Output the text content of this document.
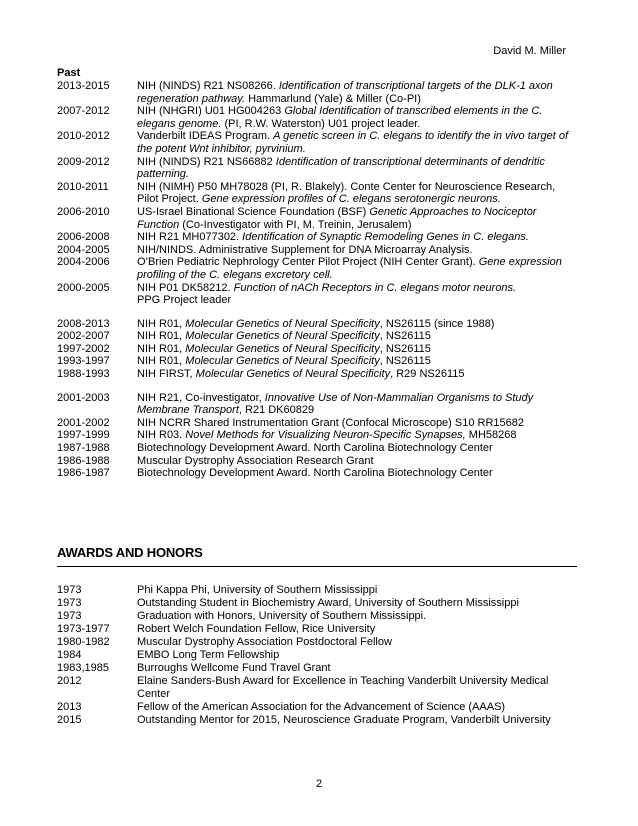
David M. Miller
Past
2013-2015	NIH (NINDS) R21 NS08266. Identification of transcriptional targets of the DLK-1 axon regeneration pathway. Hammarlund (Yale) & Miller (Co-PI)
2007-2012	NIH (NHGRI) U01 HG004263 Global Identification of transcribed elements in the C. elegans genome. (PI, R.W. Waterston) U01 project leader.
2010-2012	Vanderbilt IDEAS Program. A genetic screen in C. elegans to identify the in vivo target of the potent Wnt inhibitor, pyrvinium.
2009-2012	NIH (NINDS) R21 NS66882 Identification of transcriptional determinants of dendritic patterning.
2010-2011	NIH (NIMH) P50 MH78028 (PI, R. Blakely). Conte Center for Neuroscience Research, Pilot Project. Gene expression profiles of C. elegans serotonergic neurons.
2006-2010	US-Israel Binational Science Foundation (BSF) Genetic Approaches to Nociceptor Function (Co-Investigator with PI, M. Treinin, Jerusalem)
2006-2008	NIH R21 MH077302. Identification of Synaptic Remodeling Genes in C. elegans.
2004-2005	NIH/NINDS. Administrative Supplement for DNA Microarray Analysis.
2004-2006	O’Brien Pediatric Nephrology Center Pilot Project (NIH Center Grant). Gene expression profiling of the C. elegans excretory cell.
2000-2005	NIH P01 DK58212. Function of nACh Receptors in C. elegans motor neurons.
PPG Project leader
2008-2013	NIH R01, Molecular Genetics of Neural Specificity, NS26115 (since 1988)
2002-2007	NIH R01, Molecular Genetics of Neural Specificity, NS26115
1997-2002	NIH R01, Molecular Genetics of Neural Specificity, NS26115
1993-1997	NIH R01, Molecular Genetics of Neural Specificity, NS26115
1988-1993	NIH FIRST, Molecular Genetics of Neural Specificity, R29 NS26115
2001-2003	NIH R21, Co-investigator, Innovative Use of Non-Mammalian Organisms to Study Membrane Transport, R21 DK60829
2001-2002	NIH NCRR Shared Instrumentation Grant (Confocal Microscope) S10 RR15682
1997-1999	NIH R03. Novel Methods for Visualizing Neuron-Specific Synapses, MH58268
1987-1988	Biotechnology Development Award. North Carolina Biotechnology Center
1986-1988	Muscular Dystrophy Association Research Grant
1986-1987	Biotechnology Development Award. North Carolina Biotechnology Center
AWARDS AND HONORS
1973	Phi Kappa Phi, University of Southern Mississippi
1973	Outstanding Student in Biochemistry Award, University of Southern Mississippi
1973	Graduation with Honors, University of Southern Mississippi.
1973-1977	Robert Welch Foundation Fellow, Rice University
1980-1982	Muscular Dystrophy Association Postdoctoral Fellow
1984	EMBO Long Term Fellowship
1983,1985	Burroughs Wellcome Fund Travel Grant
2012	Elaine Sanders-Bush Award for Excellence in Teaching Vanderbilt University Medical Center
2013	Fellow of the American Association for the Advancement of Science (AAAS)
2015	Outstanding Mentor for 2015, Neuroscience Graduate Program, Vanderbilt University
2
